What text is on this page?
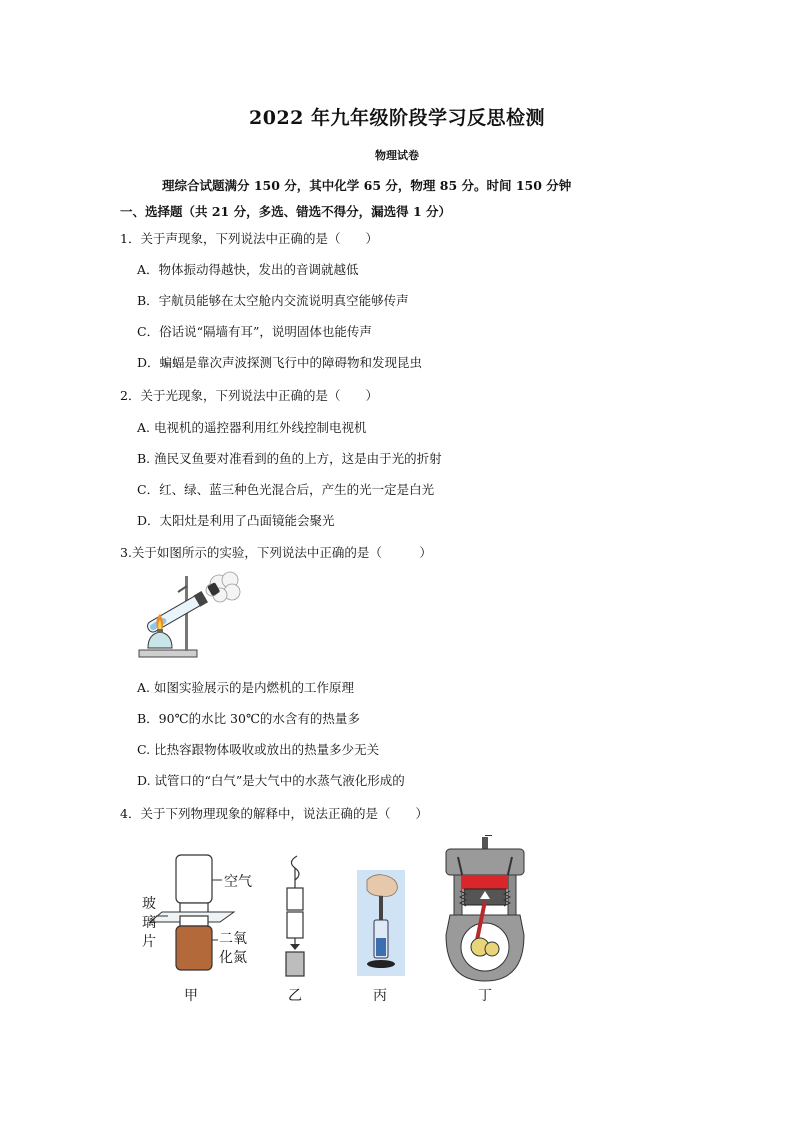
2022 年九年级阶段学习反思检测
物理试卷
理综合试题满分 150 分，其中化学 65 分，物理 85 分。时间 150 分钟
一、选择题（共 21 分，多选、错选不得分，漏选得 1 分）
1．关于声现象，下列说法中正确的是（　　）
A．物体振动得越快，发出的音调就越低
B．宇航员能够在太空舱内交流说明真空能够传声
C．俗话说“隔墙有耳”，说明固体也能传声
D．蝙蝠是靠次声波探测飞行中的障碍物和发现昆虫
2．关于光现象，下列说法中正确的是（　　）
A. 电视机的遥控器利用红外线控制电视机
B. 渔民叉鱼要对准看到的鱼的上方，这是由于光的折射
C．红、绿、蓝三种色光混合后，产生的光一定是白光
D．太阳灶是利用了凸面镜能会聚光
3.关于如图所示的实验，下列说法中正确的是（　　　）
A. 如图实验展示的是内燃机的工作原理
B．90℃的水比 30℃的水含有的热量多
C. 比热容跟物体吸收或放出的热量多少无关
D. 试管口的“白气”是大气中的水蒸气液化形成的
4．关于下列物理现象的解释中，说法正确的是（　　）
空气
玻
璃
片	二氧
化氮
甲	乙	丙	丁
